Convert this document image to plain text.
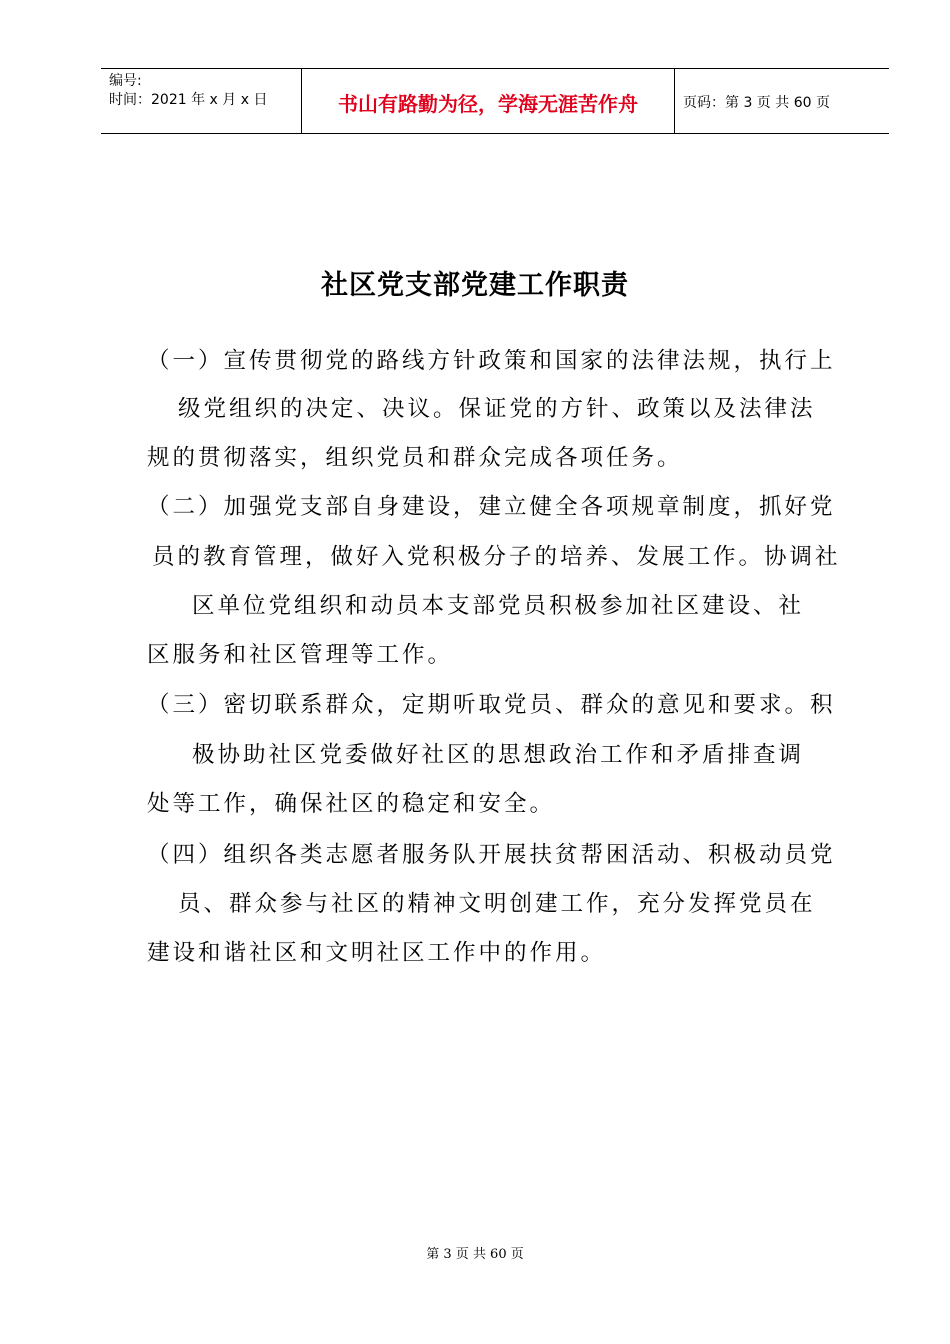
编号:
时间：2021 年 x 月 x 日	书山有路勤为径，学海无涯苦作舟	页码：第 3 页 共 60 页
社区党支部党建工作职责
（一）宣传贯彻党的路线方针政策和国家的法律法规，执行上
级党组织的决定、决议。保证党的方针、政策以及法律法
规的贯彻落实，组织党员和群众完成各项任务。
（二）加强党支部自身建设，建立健全各项规章制度，抓好党
员的教育管理，做好入党积极分子的培养、发展工作。协调社
区单位党组织和动员本支部党员积极参加社区建设、社
区服务和社区管理等工作。
（三）密切联系群众，定期听取党员、群众的意见和要求。积
极协助社区党委做好社区的思想政治工作和矛盾排查调
处等工作，确保社区的稳定和安全。
（四）组织各类志愿者服务队开展扶贫帮困活动、积极动员党
员、群众参与社区的精神文明创建工作，充分发挥党员在
建设和谐社区和文明社区工作中的作用。
第 3 页 共 60 页
